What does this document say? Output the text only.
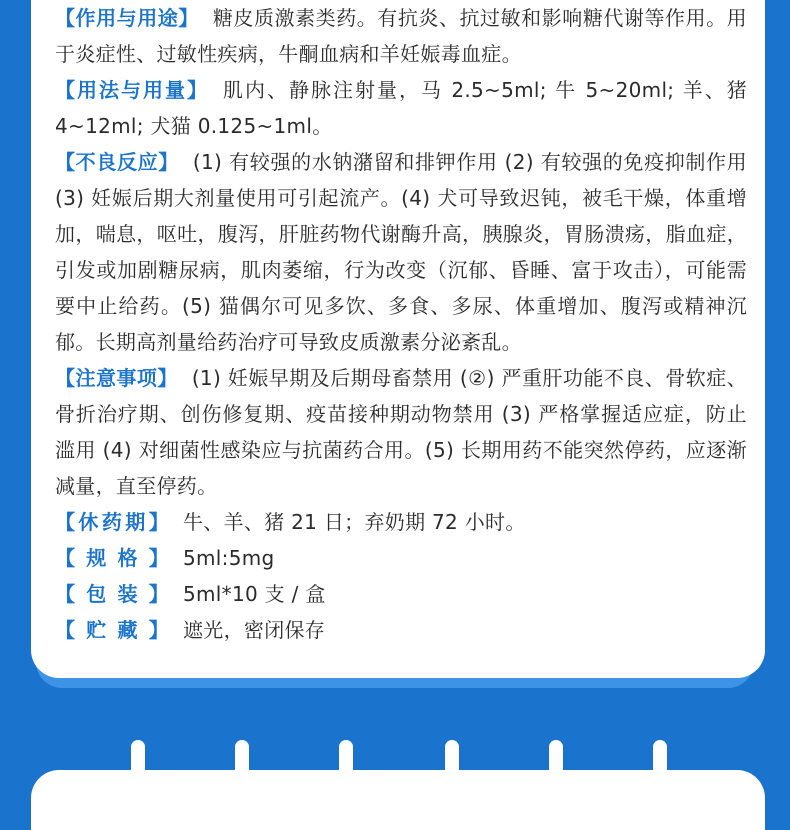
【作用与用途】 糖皮质激素类药。有抗炎、抗过敏和影响糖代谢等作用。用于炎症性、过敏性疾病，牛酮血病和羊妊娠毒血症。
【用法与用量】 肌内、静脉注射量，马 2.5~5ml; 牛 5~20ml; 羊、猪 4~12ml; 犬猫 0.125~1ml。
【不良反应】 (1) 有较强的水钠潴留和排钾作用 (2) 有较强的免疫抑制作用 (3) 妊娠后期大剂量使用可引起流产。(4) 犬可导致迟钝，被毛干燥，体重增加，喘息，呕吐，腹泻，肝脏药物代谢酶升高，胰腺炎，胃肠溃疡，脂血症，引发或加剧糖尿病，肌肉萎缩，行为改变（沉郁、昏睡、富于攻击），可能需要中止给药。(5) 猫偶尔可见多饮、多食、多尿、体重增加、腹泻或精神沉郁。长期高剂量给药治疗可导致皮质激素分泌紊乱。
【注意事项】 (1) 妊娠早期及后期母畜禁用 (②) 严重肝功能不良、骨软症、骨折治疗期、创伤修复期、疫苗接种期动物禁用 (3) 严格掌握适应症，防止滥用 (4) 对细菌性感染应与抗菌药合用。(5) 长期用药不能突然停药，应逐渐减量，直至停药。
【休药期】 牛、羊、猪 21 日；弃奶期 72 小时。
【规格】 5ml:5mg
【包装】 5ml*10 支 / 盒
【贮藏】 遮光，密闭保存
